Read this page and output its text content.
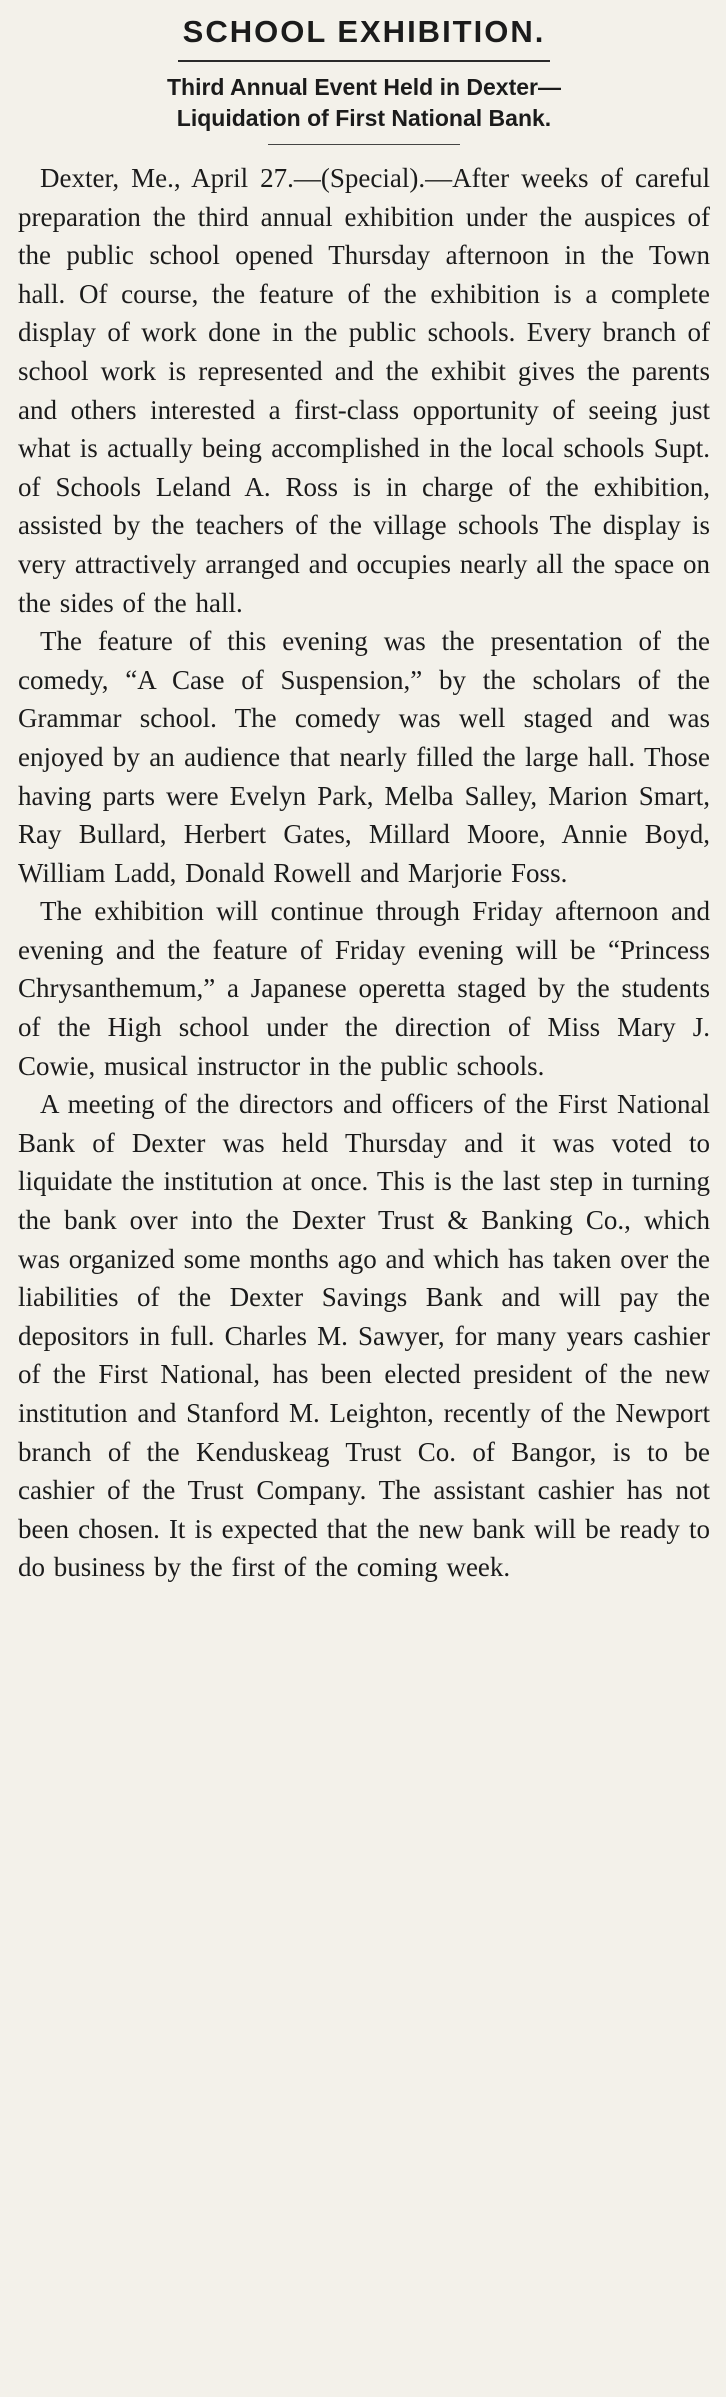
SCHOOL EXHIBITION.
Third Annual Event Held in Dexter—
Liquidation of First National Bank.

Dexter, Me., April 27.—(Special).—After weeks of careful preparation the third annual exhibition under the auspices of the public school opened Thursday afternoon in the Town hall. Of course, the feature of the exhibition is a complete display of work done in the public schools. Every branch of school work is represented and the exhibit gives the parents and others interested a first-class opportunity of seeing just what is actually being accomplished in the local schools Supt. of Schools Leland A. Ross is in charge of the exhibition, assisted by the teachers of the village schools The display is very attractively arranged and occupies nearly all the space on the sides of the hall.

The feature of this evening was the presentation of the comedy, “A Case of Suspension,” by the scholars of the Grammar school. The comedy was well staged and was enjoyed by an audience that nearly filled the large hall. Those having parts were Evelyn Park, Melba Salley, Marion Smart, Ray Bullard, Herbert Gates, Millard Moore, Annie Boyd, William Ladd, Donald Rowell and Marjorie Foss.

The exhibition will continue through Friday afternoon and evening and the feature of Friday evening will be “Princess Chrysanthemum,” a Japanese operetta staged by the students of the High school under the direction of Miss Mary J. Cowie, musical instructor in the public schools.

A meeting of the directors and officers of the First National Bank of Dexter was held Thursday and it was voted to liquidate the institution at once. This is the last step in turning the bank over into the Dexter Trust & Banking Co., which was organized some months ago and which has taken over the liabilities of the Dexter Savings Bank and will pay the depositors in full. Charles M. Sawyer, for many years cashier of the First National, has been elected president of the new institution and Stanford M. Leighton, recently of the Newport branch of the Kenduskeag Trust Co. of Bangor, is to be cashier of the Trust Company. The assistant cashier has not been chosen. It is expected that the new bank will be ready to do business by the first of the coming week.
